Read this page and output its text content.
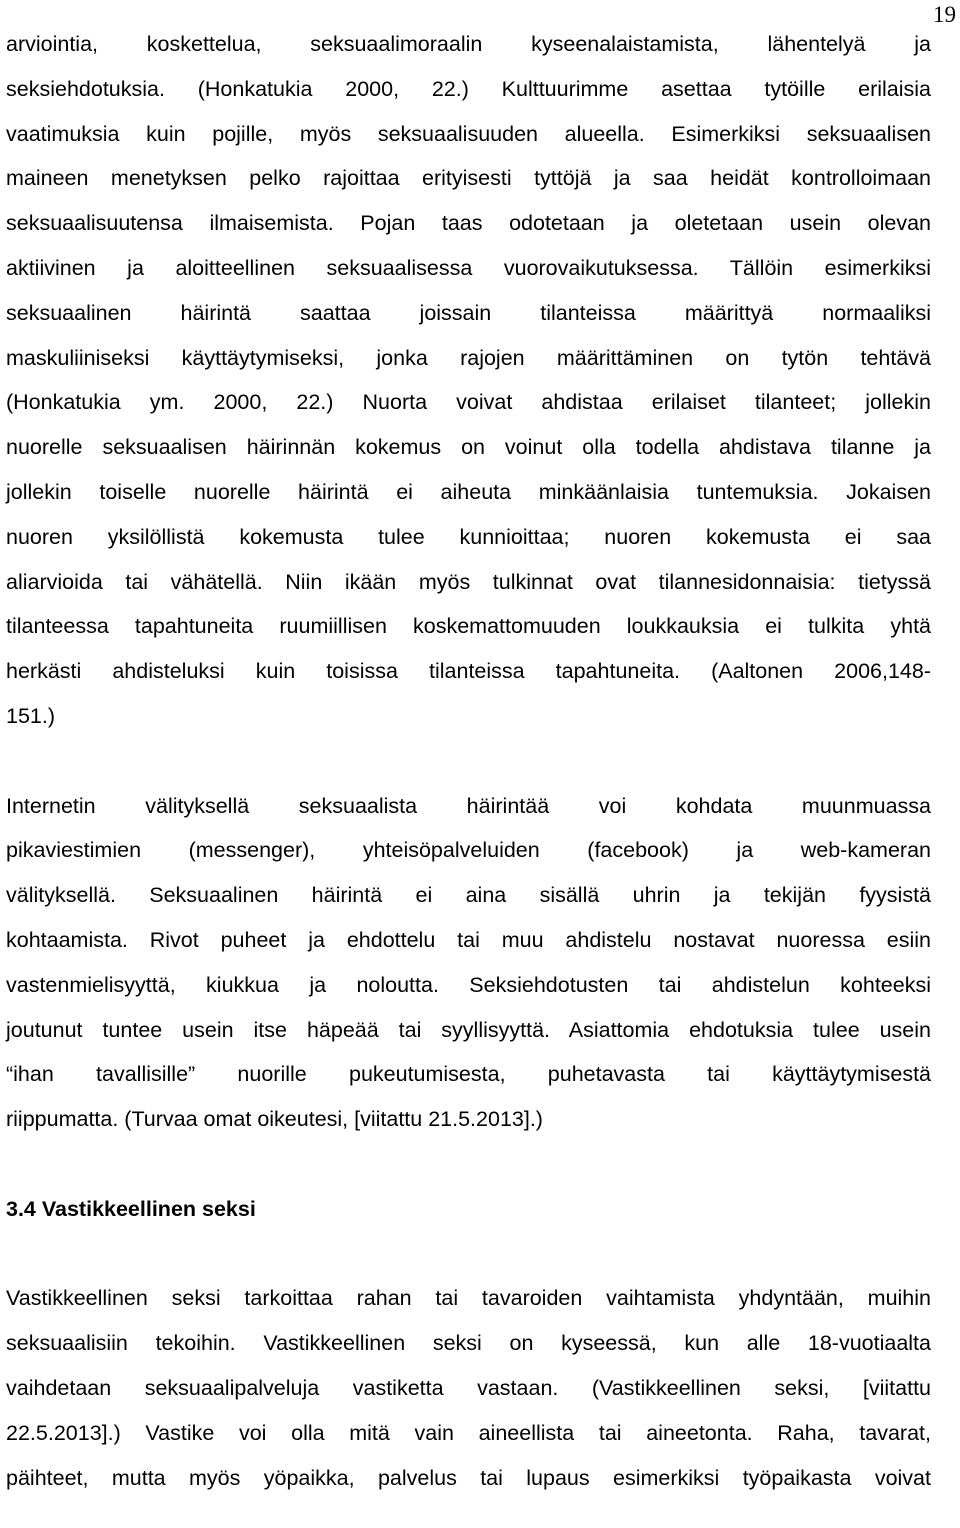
19
arviointia, koskettelua, seksuaalimoraalin kyseenalaistamista, lähentelyä ja
seksiehdotuksia. (Honkatukia 2000, 22.) Kulttuurimme asettaa tytöille erilaisia
vaatimuksia kuin pojille, myös seksuaalisuuden alueella. Esimerkiksi seksuaalisen
maineen menetyksen pelko rajoittaa erityisesti tyttöjä ja saa heidät kontrolloimaan
seksuaalisuutensa ilmaisemista. Pojan taas odotetaan ja oletetaan usein olevan
aktiivinen ja aloitteellinen seksuaalisessa vuorovaikutuksessa. Tällöin esimerkiksi
seksuaalinen häirintä saattaa joissain tilanteissa määrittyä normaaliksi
maskuliiniseksi käyttäytymiseksi, jonka rajojen määrittäminen on tytön tehtävä
(Honkatukia ym. 2000, 22.) Nuorta voivat ahdistaa erilaiset tilanteet; jollekin
nuorelle seksuaalisen häirinnän kokemus on voinut olla todella ahdistava tilanne ja
jollekin toiselle nuorelle häirintä ei aiheuta minkäänlaisia tuntemuksia. Jokaisen
nuoren yksilöllistä kokemusta tulee kunnioittaa; nuoren kokemusta ei saa
aliarvioida tai vähätellä. Niin ikään myös tulkinnat ovat tilannesidonnaisia: tietyssä
tilanteessa tapahtuneita ruumiillisen koskemattomuuden loukkauksia ei tulkita yhtä
herkästi ahdisteluksi kuin toisissa tilanteissa tapahtuneita. (Aaltonen 2006,148-
151.)
Internetin välityksellä seksuaalista häirintää voi kohdata muunmuassa
pikaviestimien (messenger), yhteisöpalveluiden (facebook) ja web-kameran
välityksellä. Seksuaalinen häirintä ei aina sisällä uhrin ja tekijän fyysistä
kohtaamista. Rivot puheet ja ehdottelu tai muu ahdistelu nostavat nuoressa esiin
vastenmielisyyttä, kiukkua ja nolouttа. Seksiehdotusten tai ahdistelun kohteeksi
joutunut tuntee usein itse häpeää tai syyllisyyttä. Asiattomia ehdotuksia tulee usein
“ihan tavallisille” nuorille pukeutumisesta, puhetavasta tai käyttäytymisestä
riippumatta. (Turvaa omat oikeutesi, [viitattu 21.5.2013].)
3.4 Vastikkeellinen seksi
Vastikkeellinen seksi tarkoittaa rahan tai tavaroiden vaihtamista yhdyntään, muihin
seksuaalisiin tekoihin. Vastikkeellinen seksi on kyseessä, kun alle 18-vuotiaalta
vaihdetaan seksuaalipalveluja vastiketta vastaan. (Vastikkeellinen seksi, [viitattu
22.5.2013].) Vastike voi olla mitä vain aineellista tai aineetonta. Raha, tavarat,
päihteet, mutta myös yöpaikka, palvelus tai lupaus esimerkiksi työpaikasta voivat
